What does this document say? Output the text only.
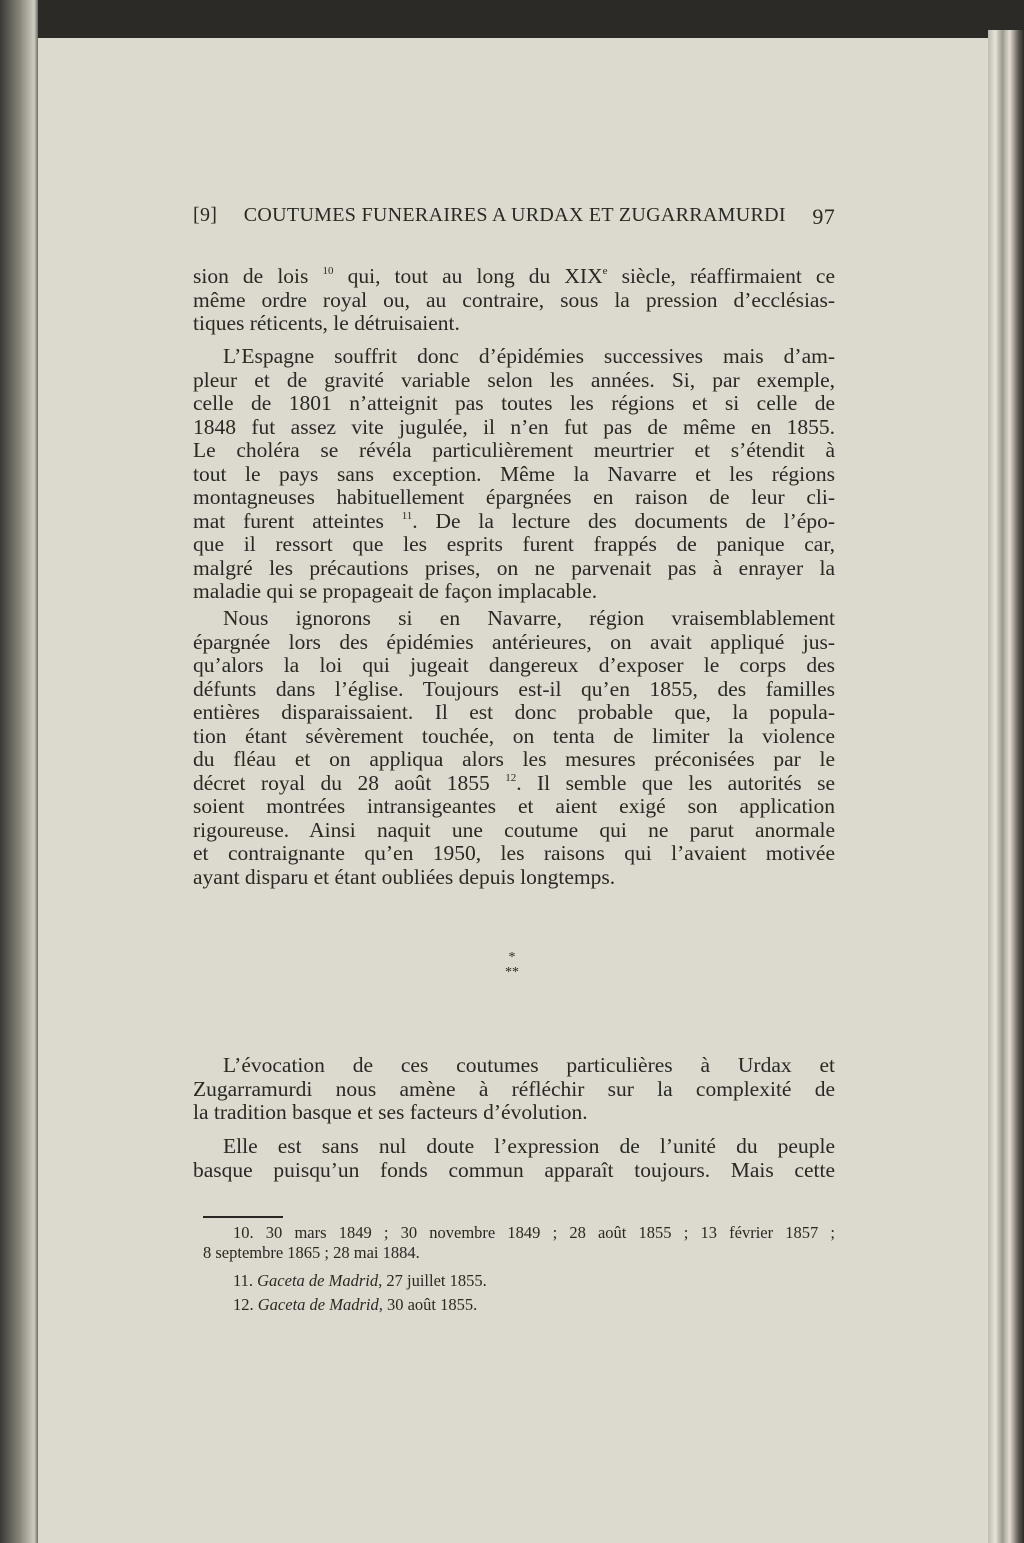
[9] COUTUMES FUNERAIRES A URDAX ET ZUGARRAMURDI 97
sion de lois $^{10}$ qui, tout au long du XIXe siècle, réaffirmaient ce
même ordre royal ou, au contraire, sous la pression d’ecclésias-
tiques réticents, le détruisaient.
L’Espagne souffrit donc d’épidémies successives mais d’am-
pleur et de gravité variable selon les années. Si, par exemple,
celle de 1801 n’atteignit pas toutes les régions et si celle de
1848 fut assez vite jugulée, il n’en fut pas de même en 1855.
Le choléra se révéla particulièrement meurtrier et s’étendit à
tout le pays sans exception. Même la Navarre et les régions
montagneuses habituellement épargnées en raison de leur cli-
mat furent atteintes $^{11}$. De la lecture des documents de l’épo-
que il ressort que les esprits furent frappés de panique car,
malgré les précautions prises, on ne parvenait pas à enrayer la
maladie qui se propageait de façon implacable.
Nous ignorons si en Navarre, région vraisemblablement
épargnée lors des épidémies antérieures, on avait appliqué jus-
qu’alors la loi qui jugeait dangereux d’exposer le corps des
défunts dans l’église. Toujours est-il qu’en 1855, des familles
entières disparaissaient. Il est donc probable que, la popula-
tion étant sévèrement touchée, on tenta de limiter la violence
du fléau et on appliqua alors les mesures préconisées par le
décret royal du 28 août 1855 $^{12}$. Il semble que les autorités se
soient montrées intransigeantes et aient exigé son application
rigoureuse. Ainsi naquit une coutume qui ne parut anormale
et contraignante qu’en 1950, les raisons qui l’avaient motivée
ayant disparu et étant oubliées depuis longtemps.
*
**
L’évocation de ces coutumes particulières à Urdax et
Zugarramurdi nous amène à réfléchir sur la complexité de
la tradition basque et ses facteurs d’évolution.
Elle est sans nul doute l’expression de l’unité du peuple
basque puisqu’un fonds commun apparaît toujours. Mais cette
10. 30 mars 1849 ; 30 novembre 1849 ; 28 août 1855 ; 13 février 1857 ;
8 septembre 1865 ; 28 mai 1884.
11. Gaceta de Madrid, 27 juillet 1855.
12. Gaceta de Madrid, 30 août 1855.
